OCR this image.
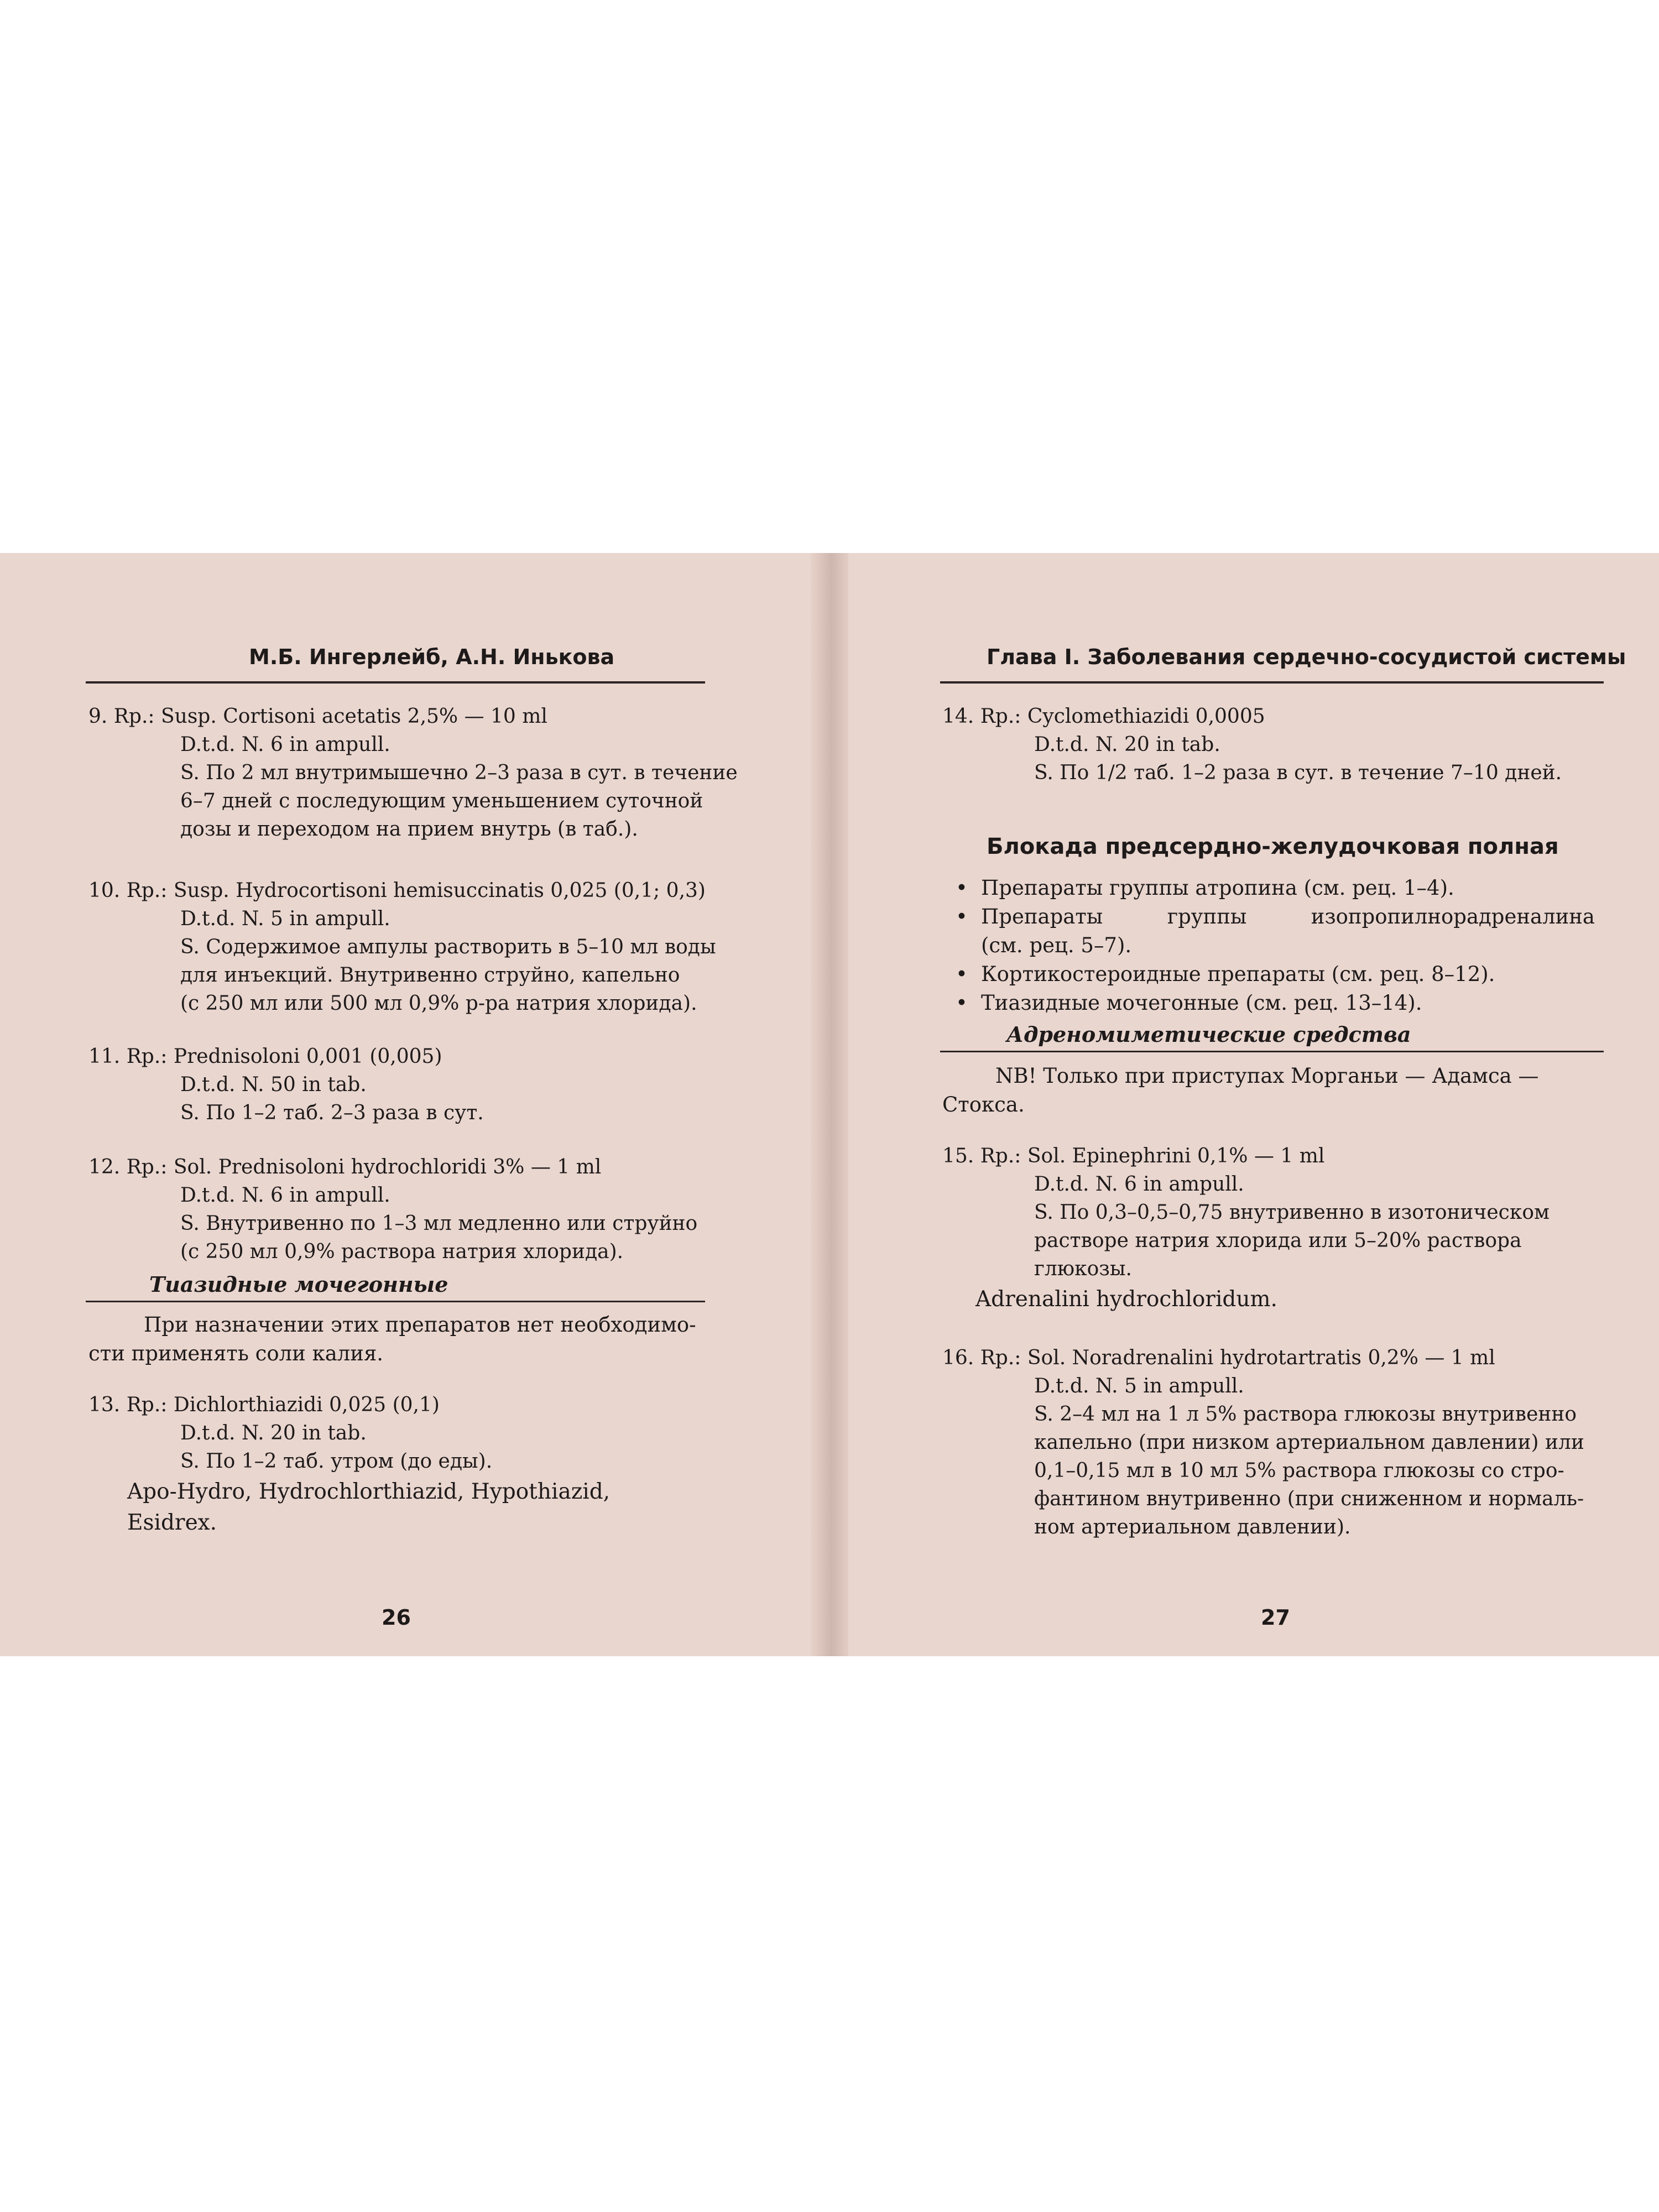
М.Б. Ингерлейб, А.Н. Инькова
9. Rp.: Susp. Cortisoni acetatis 2,5% — 10 ml
D.t.d. N. 6 in ampull.
S. По 2 мл внутримышечно 2–3 раза в сут. в течение
6–7 дней с последующим уменьшением суточной
дозы и переходом на прием внутрь (в таб.).
10. Rp.: Susp. Hydrocortisoni hemisuccinatis 0,025 (0,1; 0,3)
D.t.d. N. 5 in ampull.
S. Содержимое ампулы растворить в 5–10 мл воды
для инъекций. Внутривенно струйно, капельно
(с 250 мл или 500 мл 0,9% р-ра натрия хлорида).
11. Rp.: Prednisoloni 0,001 (0,005)
D.t.d. N. 50 in tab.
S. По 1–2 таб. 2–3 раза в сут.
12. Rp.: Sol. Prednisoloni hydrochloridi 3% — 1 ml
D.t.d. N. 6 in ampull.
S. Внутривенно по 1–3 мл медленно или струйно
(с 250 мл 0,9% раствора натрия хлорида).
Тиазидные мочегонные
При назначении этих препаратов нет необходимо-
сти применять соли калия.
13. Rp.: Dichlorthiazidi 0,025 (0,1)
D.t.d. N. 20 in tab.
S. По 1–2 таб. утром (до еды).
Apo-Hydro, Hydrochlorthiazid, Hypothiazid,
Esidrex.
26
Глава I. Заболевания сердечно-сосудистой системы
14. Rp.: Cyclomethiazidi 0,0005
D.t.d. N. 20 in tab.
S. По 1/2 таб. 1–2 раза в сут. в течение 7–10 дней.
Блокада предсердно-желудочковая полная
• Препараты группы атропина (см. рец. 1–4).
• Препараты группы изопропилнорадреналина
(см. рец. 5–7).
• Кортикостероидные препараты (см. рец. 8–12).
• Тиазидные мочегонные (см. рец. 13–14).
Адреномиметические средства
NB! Только при приступах Морганьи — Адамса —
Стокса.
15. Rp.: Sol. Epinephrini 0,1% — 1 ml
D.t.d. N. 6 in ampull.
S. По 0,3–0,5–0,75 внутривенно в изотоническом
растворе натрия хлорида или 5–20% раствора
глюкозы.
Adrenalini hydrochloridum.
16. Rp.: Sol. Noradrenalini hydrotartratis 0,2% — 1 ml
D.t.d. N. 5 in ampull.
S. 2–4 мл на 1 л 5% раствора глюкозы внутривенно
капельно (при низком артериальном давлении) или
0,1–0,15 мл в 10 мл 5% раствора глюкозы со стро-
фантином внутривенно (при сниженном и нормаль-
ном артериальном давлении).
27
